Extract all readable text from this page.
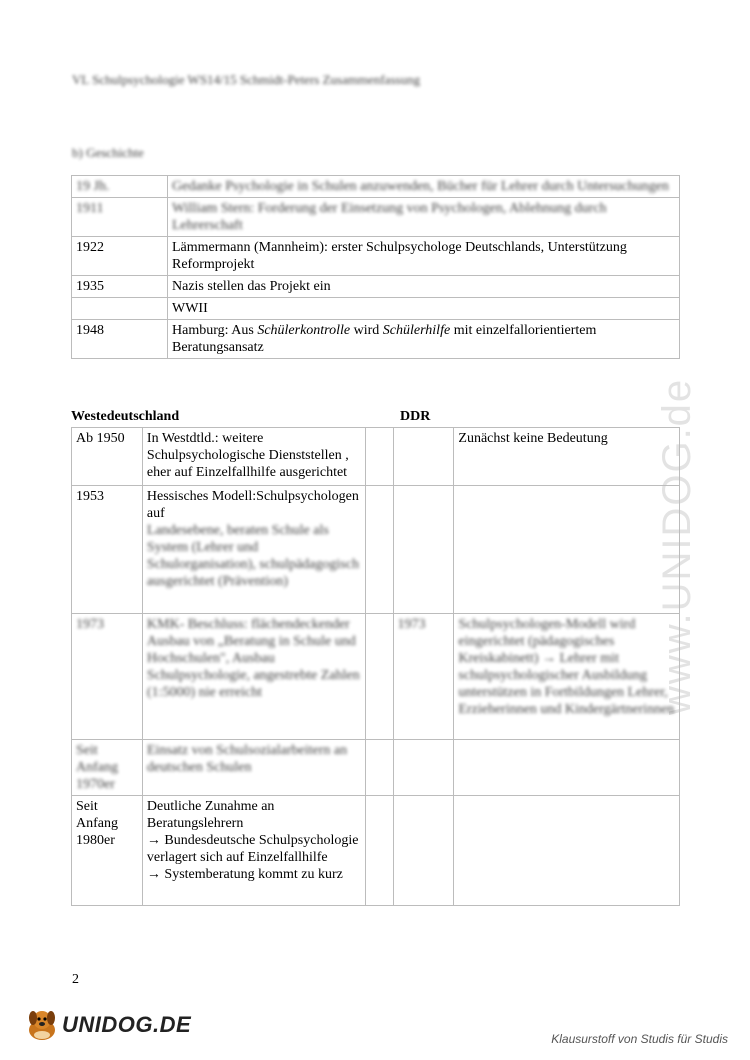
www.UNIDOG.de
VL Schulpsychologie WS14/15 Schmidt-Peters Zusammenfassung
b) Geschichte
19 Jh.	Gedanke Psychologie in Schulen anzuwenden, Bücher für Lehrer durch Untersuchungen
1911	William Stern: Forderung der Einsetzung von Psychologen, Ablehnung durch Lehrerschaft
1922	Lämmermann (Mannheim): erster Schulpsychologe Deutschlands, Unterstützung Reformprojekt
1935	Nazis stellen das Projekt ein
	WWII
1948	Hamburg: Aus Schülerkontrolle wird Schülerhilfe mit einzelfallorientiertem Beratungsansatz
Westedeutschland	DDR
Ab 1950	In Westdtld.: weitere Schulpsychologische Dienststellen , eher auf Einzelfallhilfe ausgerichtet			Zunächst keine Bedeutung
1953	Hessisches Modell:Schulpsychologen auf
Landesebene, beraten Schule als System (Lehrer und Schulorganisation), schulpädagogisch ausgerichtet (Prävention)			

1973	KMK- Beschluss: flächendeckender Ausbau von „Beratung in Schule und Hochschulen", Ausbau Schulpsychologie, angestrebte Zahlen (1:5000) nie erreicht		1973	Schulpsychologen-Modell wird eingerichtet (pädagogisches Kreiskabinett) → Lehrer mit schulpsychologischer Ausbildung unterstützen in Fortbildungen Lehrer, Erzieherinnen und Kindergärtnerinnen
Seit Anfang 1970er	Einsatz von Schulsozialarbeitern an deutschen Schulen			
Seit Anfang 1980er	Deutliche Zunahme an Beratungslehrern
→ Bundesdeutsche Schulpsychologie verlagert sich auf Einzelfallhilfe
→ Systemberatung kommt zu kurz			

2
UNIDOG.DE
Klausurstoff von Studis für Studis
